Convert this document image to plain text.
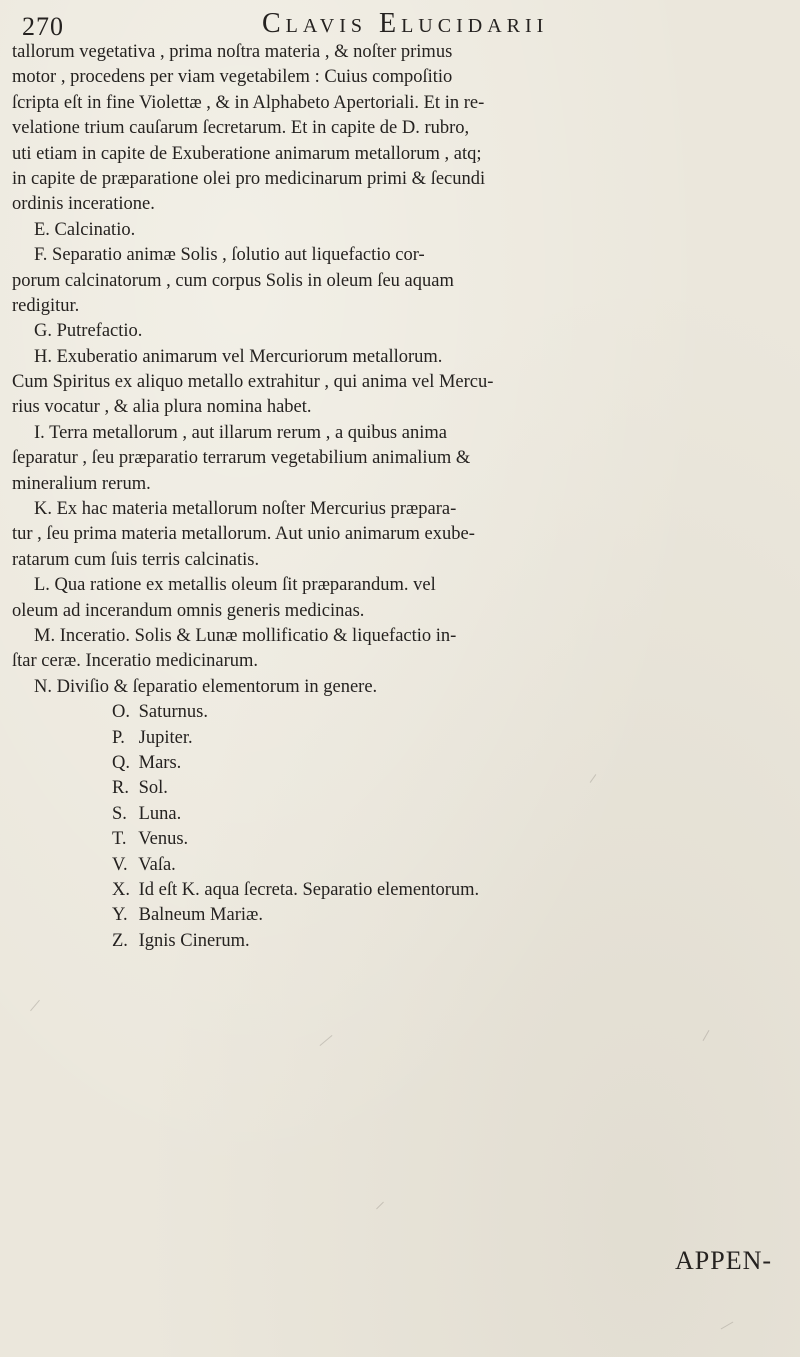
270	Clavis Elucidarii
tallorum vegetativa , prima noſtra materia , & noſter primus
motor , procedens per viam vegetabilem : Cuius compoſitio
ſcripta eſt in fine Violettæ , & in Alphabeto Apertoriali. Et in re-
velatione trium cauſarum ſecretarum. Et in capite de D. rubro,
uti etiam in capite de Exuberatione animarum metallorum , atq;
in capite de præparatione olei pro medicinarum primi & ſecundi
ordinis inceratione.
E. Calcinatio.
F. Separatio animæ Solis , ſolutio aut liquefactio cor-
porum calcinatorum , cum corpus Solis in oleum ſeu aquam
redigitur.
G. Putrefactio.
H. Exuberatio animarum vel Mercuriorum metallorum.
Cum Spiritus ex aliquo metallo extrahitur , qui anima vel Mercu-
rius vocatur , & alia plura nomina habet.
I. Terra metallorum , aut illarum rerum , a quibus anima
ſeparatur , ſeu præparatio terrarum vegetabilium animalium &
mineralium rerum.
K. Ex hac materia metallorum noſter Mercurius præpara-
tur , ſeu prima materia metallorum. Aut unio animarum exube-
ratarum cum ſuis terris calcinatis.
L. Qua ratione ex metallis oleum ſit præparandum. vel
oleum ad incerandum omnis generis medicinas.
M. Inceratio. Solis & Lunæ mollificatio & liquefactio in-
ſtar ceræ. Inceratio medicinarum.
N. Diviſio & ſeparatio elementorum in genere.
O. Saturnus.
P. Jupiter.
Q. Mars.
R. Sol.
S. Luna.
T. Venus.
V. Vaſa.
X. Id eſt K. aqua ſecreta. Separatio elementorum.
Y. Balneum Mariæ.
Z. Ignis Cinerum.
APPEN-
